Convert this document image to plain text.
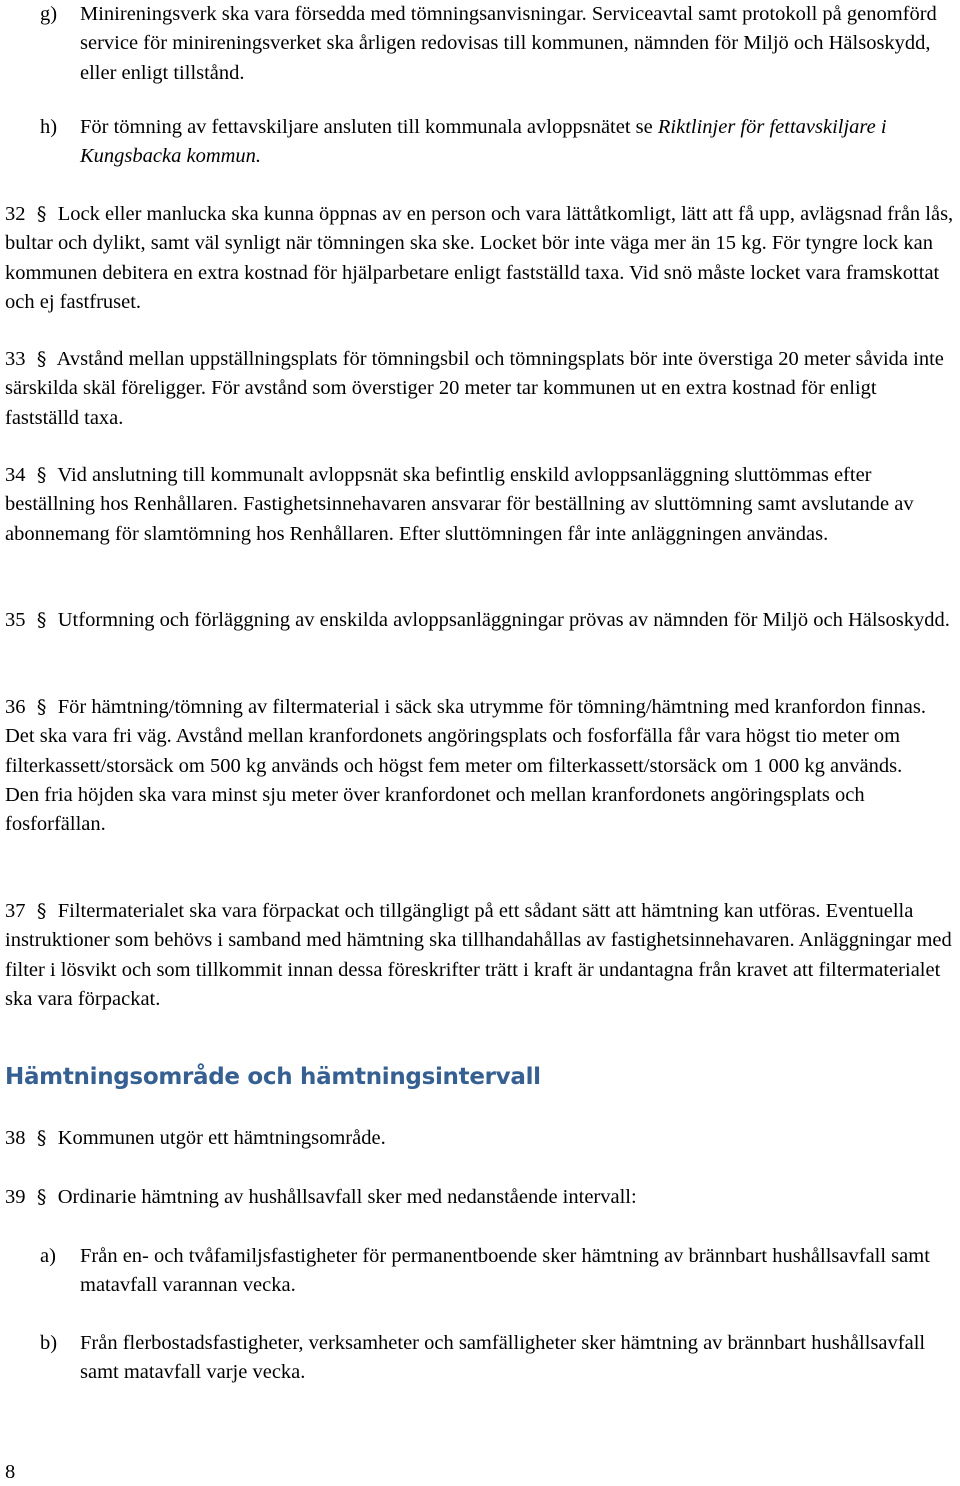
g)	Minireningsverk ska vara försedda med tömningsanvisningar. Serviceavtal samt protokoll på genomförd service för minireningsverket ska årligen redovisas till kommunen, nämnden för Miljö och Hälsoskydd, eller enligt tillstånd.
h)	För tömning av fettavskiljare ansluten till kommunala avloppsnätet se Riktlinjer för fettavskiljare i Kungsbacka kommun.

32 § Lock eller manlucka ska kunna öppnas av en person och vara lättåtkomligt, lätt att få upp, avlägsnad från lås, bultar och dylikt, samt väl synligt när tömningen ska ske. Locket bör inte väga mer än 15 kg. För tyngre lock kan kommunen debitera en extra kostnad för hjälparbetare enligt fastställd taxa. Vid snö måste locket vara framskottat och ej fastfruset.

33 § Avstånd mellan uppställningsplats för tömningsbil och tömningsplats bör inte överstiga 20 meter såvida inte särskilda skäl föreligger. För avstånd som överstiger 20 meter tar kommunen ut en extra kostnad för enligt fastställd taxa.

34 § Vid anslutning till kommunalt avloppsnät ska befintlig enskild avloppsanläggning sluttömmas efter beställning hos Renhållaren. Fastighetsinnehavaren ansvarar för beställning av sluttömning samt avslutande av abonnemang för slamtömning hos Renhållaren. Efter sluttömningen får inte anläggningen användas.

35 § Utformning och förläggning av enskilda avloppsanläggningar prövas av nämnden för Miljö och Hälsoskydd.

36 § För hämtning/tömning av filtermaterial i säck ska utrymme för tömning/hämtning med kranfordon finnas. Det ska vara fri väg. Avstånd mellan kranfordonets angöringsplats och fosforfälla får vara högst tio meter om filterkassett/storsäck om 500 kg används och högst fem meter om filterkassett/storsäck om 1 000 kg används.
Den fria höjden ska vara minst sju meter över kranfordonet och mellan kranfordonets angöringsplats och fosforfällan.

37 § Filtermaterialet ska vara förpackat och tillgängligt på ett sådant sätt att hämtning kan utföras. Eventuella instruktioner som behövs i samband med hämtning ska tillhandahållas av fastighetsinnehavaren. Anläggningar med filter i lösvikt och som tillkommit innan dessa föreskrifter trätt i kraft är undantagna från kravet att filtermaterialet ska vara förpackat.

Hämtningsområde och hämtningsintervall

38 § Kommunen utgör ett hämtningsområde.

39 § Ordinarie hämtning av hushållsavfall sker med nedanstående intervall:

a)	Från en- och tvåfamiljsfastigheter för permanentboende sker hämtning av brännbart hushållsavfall samt matavfall varannan vecka.
b)	Från flerbostadsfastigheter, verksamheter och samfälligheter sker hämtning av brännbart hushållsavfall samt matavfall varje vecka.
8
